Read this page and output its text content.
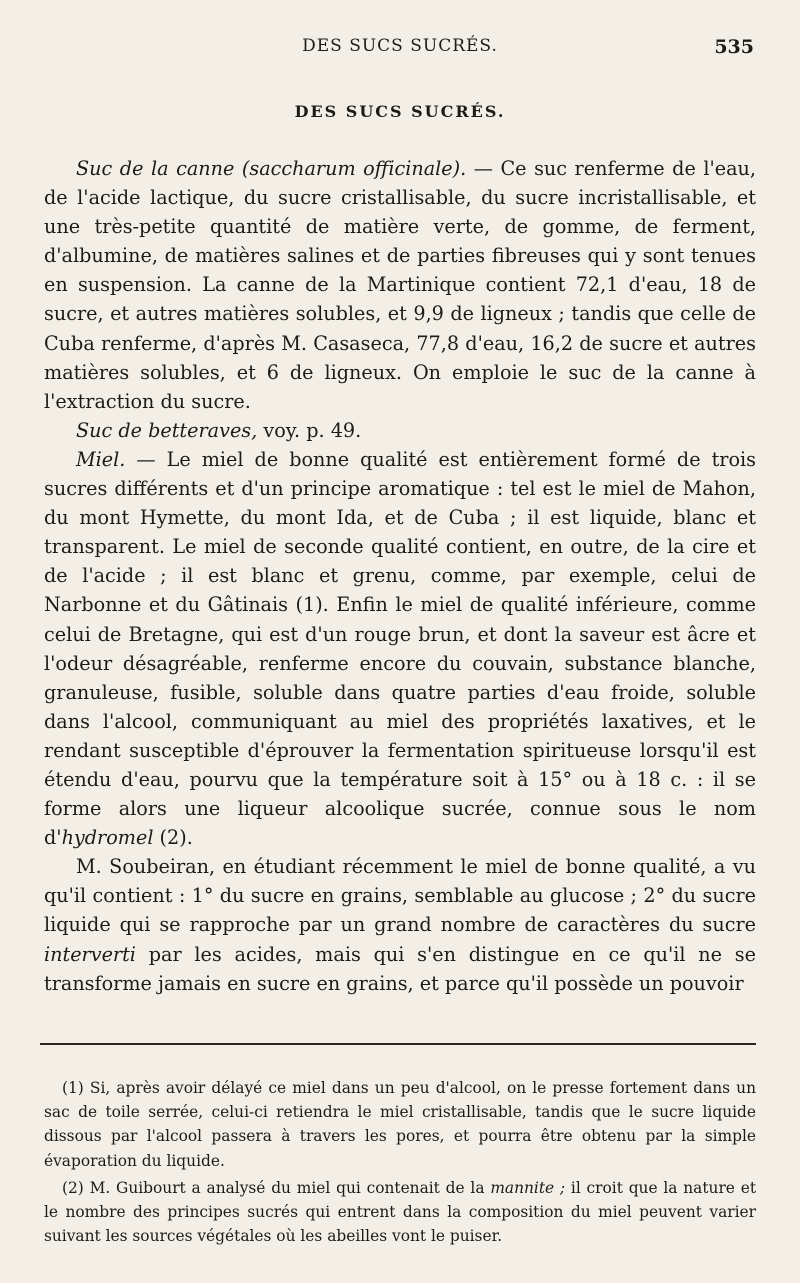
DES SUCS SUCRÉS.	535
DES SUCS SUCRÉS.

Suc de la canne (saccharum officinale). — Ce suc renferme de l'eau, de l'acide lactique, du sucre cristallisable, du sucre incristallisable, et une très-petite quantité de matière verte, de gomme, de ferment, d'albumine, de matières salines et de parties fibreuses qui y sont tenues en suspension. La canne de la Martinique contient 72,1 d'eau, 18 de sucre, et autres matières solubles, et 9,9 de ligneux ; tandis que celle de Cuba renferme, d'après M. Casaseca, 77,8 d'eau, 16,2 de sucre et autres matières solubles, et 6 de ligneux. On emploie le suc de la canne à l'extraction du sucre.

Suc de betteraves, voy. p. 49.

Miel. — Le miel de bonne qualité est entièrement formé de trois sucres différents et d'un principe aromatique : tel est le miel de Mahon, du mont Hymette, du mont Ida, et de Cuba ; il est liquide, blanc et transparent. Le miel de seconde qualité contient, en outre, de la cire et de l'acide ; il est blanc et grenu, comme, par exemple, celui de Narbonne et du Gâtinais (1). Enfin le miel de qualité inférieure, comme celui de Bretagne, qui est d'un rouge brun, et dont la saveur est âcre et l'odeur désagréable, renferme encore du couvain, substance blanche, granuleuse, fusible, soluble dans quatre parties d'eau froide, soluble dans l'alcool, communiquant au miel des propriétés laxatives, et le rendant susceptible d'éprouver la fermentation spiritueuse lorsqu'il est étendu d'eau, pourvu que la température soit à 15° ou à 18 c. : il se forme alors une liqueur alcoolique sucrée, connue sous le nom d'hydromel (2).

M. Soubeiran, en étudiant récemment le miel de bonne qualité, a vu qu'il contient : 1° du sucre en grains, semblable au glucose ; 2° du sucre liquide qui se rapproche par un grand nombre de caractères du sucre interverti par les acides, mais qui s'en distingue en ce qu'il ne se transforme jamais en sucre en grains, et parce qu'il possède un pouvoir

(1) Si, après avoir délayé ce miel dans un peu d'alcool, on le presse fortement dans un sac de toile serrée, celui-ci retiendra le miel cristallisable, tandis que le sucre liquide dissous par l'alcool passera à travers les pores, et pourra être obtenu par la simple évaporation du liquide.

(2) M. Guibourt a analysé du miel qui contenait de la mannite ; il croit que la nature et le nombre des principes sucrés qui entrent dans la composition du miel peuvent varier suivant les sources végétales où les abeilles vont le puiser.
